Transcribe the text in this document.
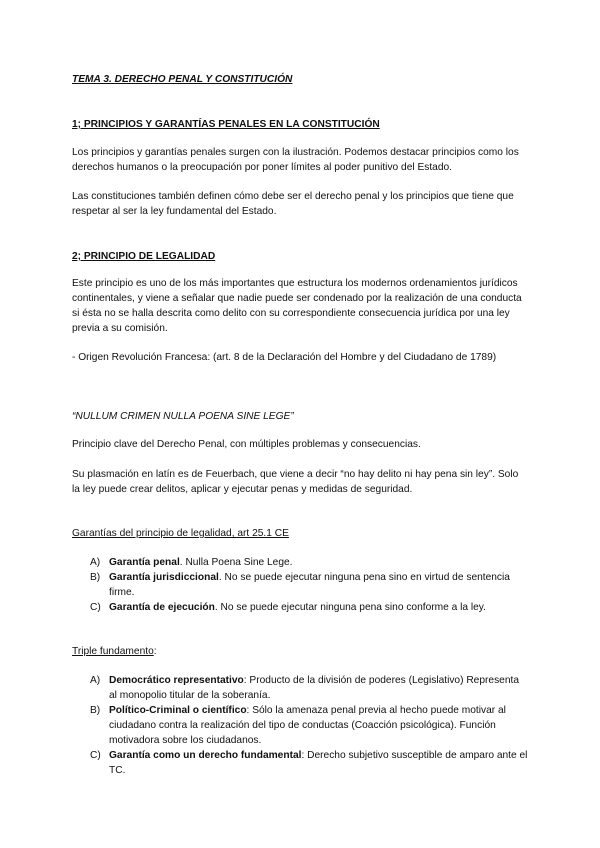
TEMA 3. DERECHO PENAL Y CONSTITUCIÓN
1; PRINCIPIOS Y GARANTÍAS PENALES EN LA CONSTITUCIÓN
Los principios y garantías penales surgen con la ilustración. Podemos destacar principios como los derechos humanos o la preocupación por poner límites al poder punitivo del Estado.
Las constituciones también definen cómo debe ser el derecho penal y los principios que tiene que respetar al ser la ley fundamental del Estado.
2; PRINCIPIO DE LEGALIDAD
Este principio es uno de los más importantes que estructura los modernos ordenamientos jurídicos continentales, y viene a señalar que nadie puede ser condenado por la realización de una conducta si ésta no se halla descrita como delito con su correspondiente consecuencia jurídica por una ley previa a su comisión.
- Origen Revolución Francesa: (art. 8 de la Declaración del Hombre y del Ciudadano de 1789)
“NULLUM CRIMEN NULLA POENA SINE LEGE”
Principio clave del Derecho Penal, con múltiples problemas y consecuencias.
Su plasmación en latín es de Feuerbach, que viene a decir “no hay delito ni hay pena sin ley”. Solo la ley puede crear delitos, aplicar y ejecutar penas y medidas de seguridad.
Garantías del principio de legalidad, art 25.1 CE
A) Garantía penal. Nulla Poena Sine Lege.
B) Garantía jurisdiccional. No se puede ejecutar ninguna pena sino en virtud de sentencia firme.
C) Garantía de ejecución. No se puede ejecutar ninguna pena sino conforme a la ley.
Triple fundamento:
A) Democrático representativo: Producto de la división de poderes (Legislativo) Representa al monopolio titular de la soberanía.
B) Político-Criminal o científico: Sólo la amenaza penal previa al hecho puede motivar al ciudadano contra la realización del tipo de conductas (Coacción psicológica). Función motivadora sobre los ciudadanos.
C) Garantía como un derecho fundamental: Derecho subjetivo susceptible de amparo ante el TC.
